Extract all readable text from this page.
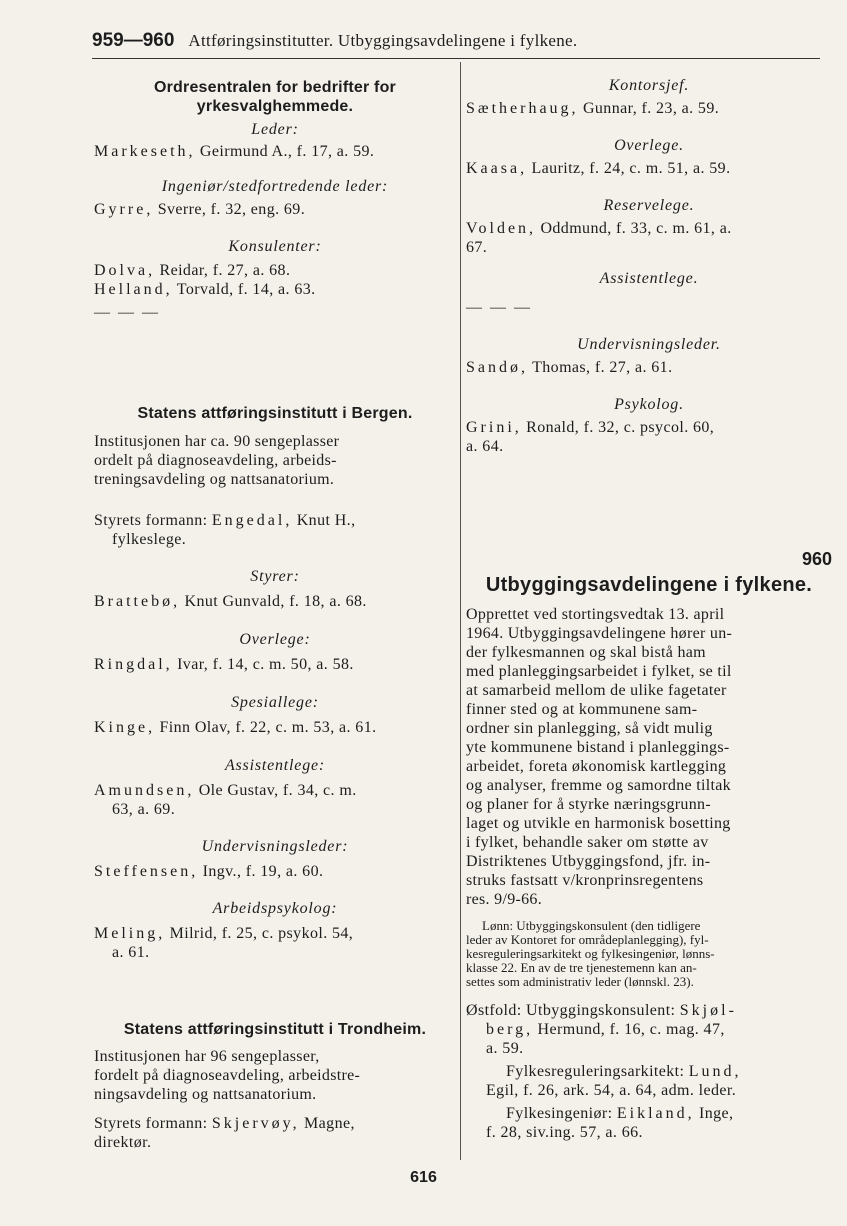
959—960 Attføringsinstitutter. Utbyggingsavdelingene i fylkene.
Ordresentralen for bedrifter for
yrkesvalghemmede.
Leder:
Markeseth, Geirmund A., f. 17, a. 59.
Ingeniør/stedfortredende leder:
Gyrre, Sverre, f. 32, eng. 69.
Konsulenter:
Dolva, Reidar, f. 27, a. 68.
Helland, Torvald, f. 14, a. 63.
— — —
Statens attføringsinstitutt i Bergen.
Institusjonen har ca. 90 sengeplasser
ordelt på diagnoseavdeling, arbeids-
treningsavdeling og nattsanatorium.
Styrets formann: Engedal, Knut H.,
fylkeslege.
Styrer:
Brattebø, Knut Gunvald, f. 18, a. 68.
Overlege:
Ringdal, Ivar, f. 14, c. m. 50, a. 58.
Spesiallege:
Kinge, Finn Olav, f. 22, c. m. 53, a. 61.
Assistentlege:
Amundsen, Ole Gustav, f. 34, c. m.
63, a. 69.
Undervisningsleder:
Steffensen, Ingv., f. 19, a. 60.
Arbeidspsykolog:
Meling, Milrid, f. 25, c. psykol. 54,
a. 61.
Statens attføringsinstitutt i Trondheim.
Institusjonen har 96 sengeplasser,
fordelt på diagnoseavdeling, arbeidstre-
ningsavdeling og nattsanatorium.
Styrets formann: Skjervøy, Magne,
direktør.
Kontorsjef.
Sætherhaug, Gunnar, f. 23, a. 59.
Overlege.
Kaasa, Lauritz, f. 24, c. m. 51, a. 59.
Reservelege.
Volden, Oddmund, f. 33, c. m. 61, a.
67.
Assistentlege.
— — —
Undervisningsleder.
Sandø, Thomas, f. 27, a. 61.
Psykolog.
Grini, Ronald, f. 32, c. psycol. 60,
a. 64.
960
Utbyggingsavdelingene i fylkene.
Opprettet ved stortingsvedtak 13. april
1964. Utbyggingsavdelingene hører un-
der fylkesmannen og skal bistå ham
med planleggingsarbeidet i fylket, se til
at samarbeid mellom de ulike fagetater
finner sted og at kommunene sam-
ordner sin planlegging, så vidt mulig
yte kommunene bistand i planleggings-
arbeidet, foreta økonomisk kartlegging
og analyser, fremme og samordne tiltak
og planer for å styrke næringsgrunn-
laget og utvikle en harmonisk bosetting
i fylket, behandle saker om støtte av
Distriktenes Utbyggingsfond, jfr. in-
struks fastsatt v/kronprinsregentens
res. 9/9-66.
Lønn: Utbyggingskonsulent (den tidligere
leder av Kontoret for områdeplanlegging), fyl-
kesreguleringsarkitekt og fylkesingeniør, lønns-
klasse 22. En av de tre tjenestemenn kan an-
settes som administrativ leder (lønnskl. 23).
Østfold: Utbyggingskonsulent: Skjøl-
berg, Hermund, f. 16, c. mag. 47,
a. 59.
Fylkesreguleringsarkitekt: Lund,
Egil, f. 26, ark. 54, a. 64, adm. leder.
Fylkesingeniør: Eikland, Inge,
f. 28, siv.ing. 57, a. 66.
616
